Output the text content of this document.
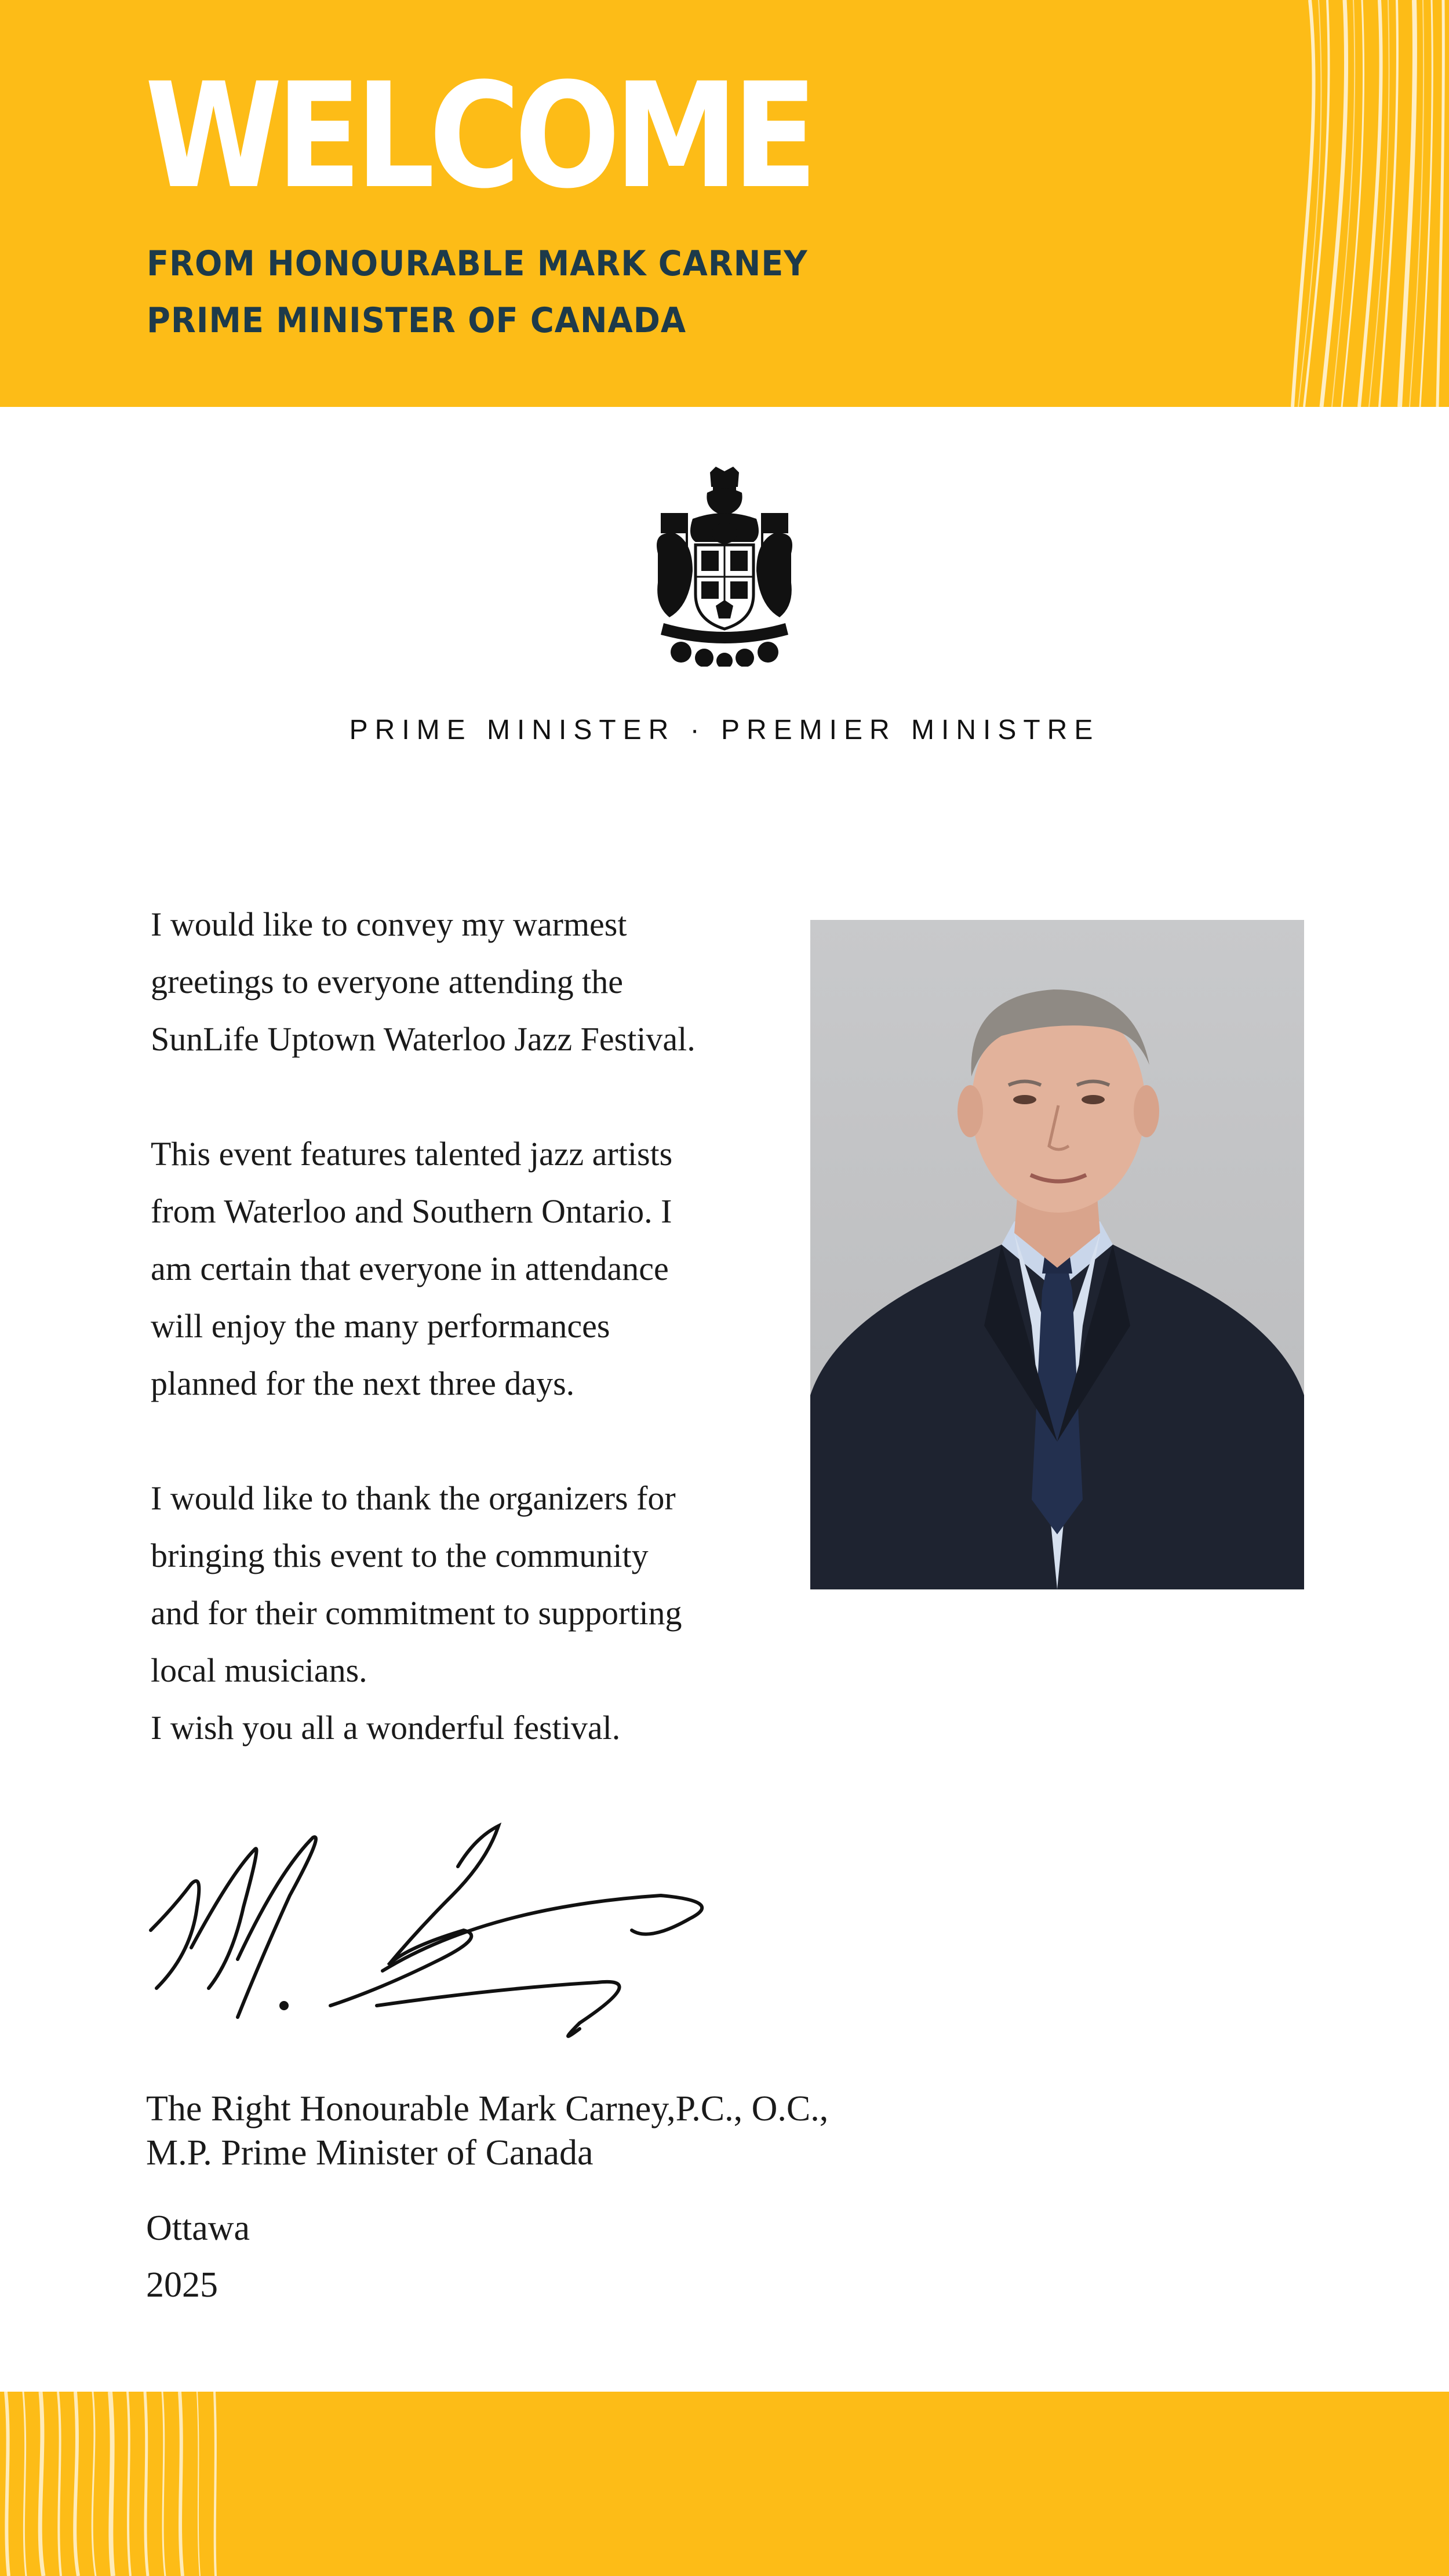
WELCOME
FROM HONOURABLE MARK CARNEY
PRIME MINISTER OF CANADA
PRIME MINISTER · PREMIER MINISTRE

I would like to convey my warmest

greetings to everyone attending the

SunLife Uptown Waterloo Jazz Festival.

This event features talented jazz artists

from Waterloo and Southern Ontario. I

am certain that everyone in attendance

will enjoy the many performances

planned for the next three days.

I would like to thank the organizers for

bringing this event to the community

and for their commitment to supporting

local musicians.

I wish you all a wonderful festival.

The Right Honourable Mark Carney,P.C., O.C.,
M.P. Prime Minister of Canada
Ottawa
2025
